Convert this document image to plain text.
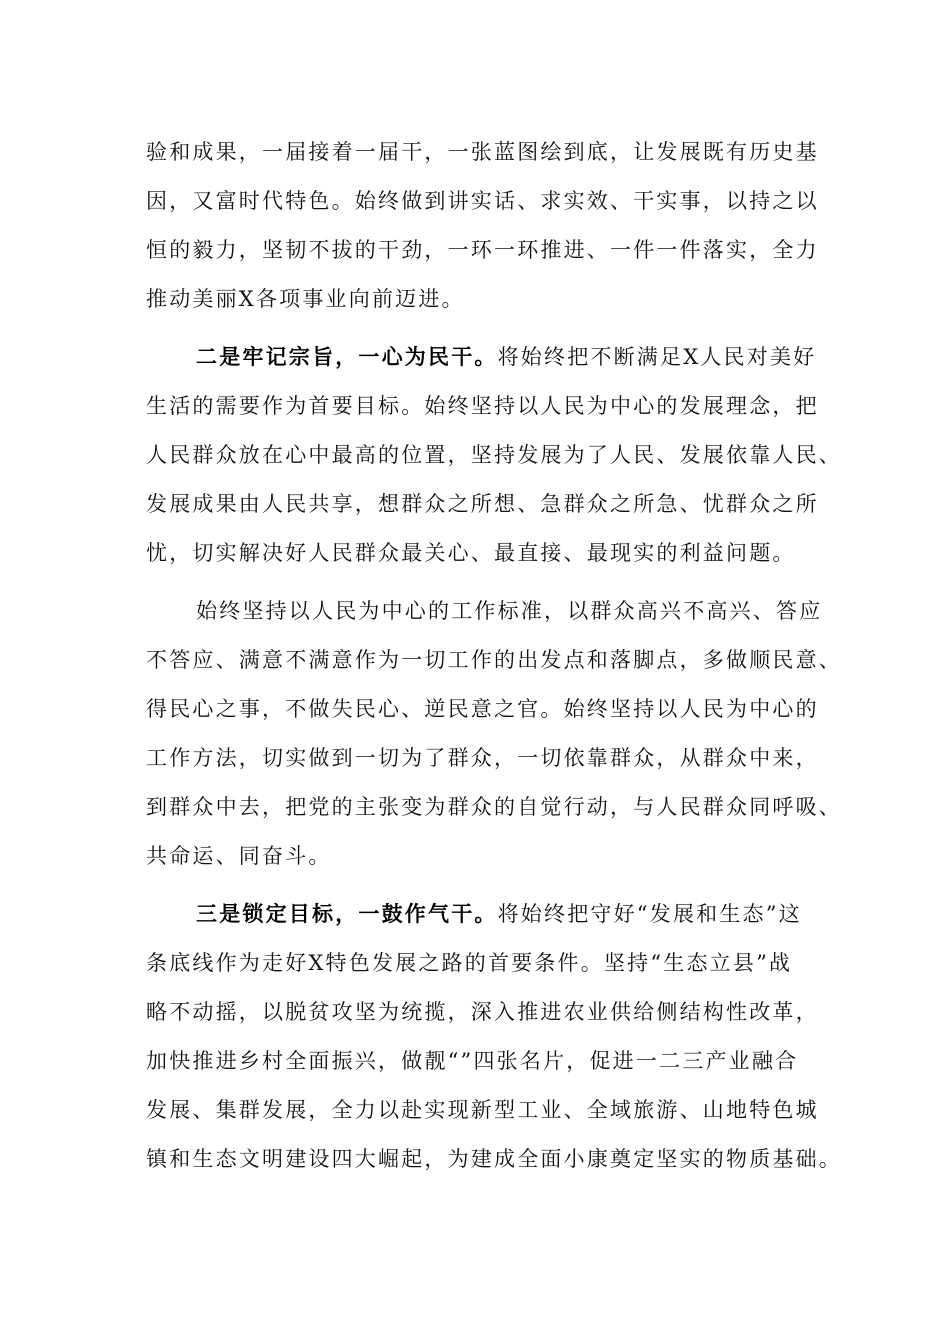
验和成果，一届接着一届干，一张蓝图绘到底，让发展既有历史基
因，又富时代特色。始终做到讲实话、求实效、干实事，以持之以
恒的毅力，坚韧不拔的干劲，一环一环推进、一件一件落实，全力
推动美丽X各项事业向前迈进。
二是牢记宗旨，一心为民干。将始终把不断满足X人民对美好
生活的需要作为首要目标。始终坚持以人民为中心的发展理念，把
人民群众放在心中最高的位置，坚持发展为了人民、发展依靠人民、
发展成果由人民共享，想群众之所想、急群众之所急、忧群众之所
忧，切实解决好人民群众最关心、最直接、最现实的利益问题。
始终坚持以人民为中心的工作标准，以群众高兴不高兴、答应
不答应、满意不满意作为一切工作的出发点和落脚点，多做顺民意、
得民心之事，不做失民心、逆民意之官。始终坚持以人民为中心的
工作方法，切实做到一切为了群众，一切依靠群众，从群众中来，
到群众中去，把党的主张变为群众的自觉行动，与人民群众同呼吸、
共命运、同奋斗。
三是锁定目标，一鼓作气干。将始终把守好“发展和生态”这
条底线作为走好X特色发展之路的首要条件。坚持“生态立县”战
略不动摇，以脱贫攻坚为统揽，深入推进农业供给侧结构性改革，
加快推进乡村全面振兴，做靓“”四张名片，促进一二三产业融合
发展、集群发展，全力以赴实现新型工业、全域旅游、山地特色城
镇和生态文明建设四大崛起，为建成全面小康奠定坚实的物质基础。
